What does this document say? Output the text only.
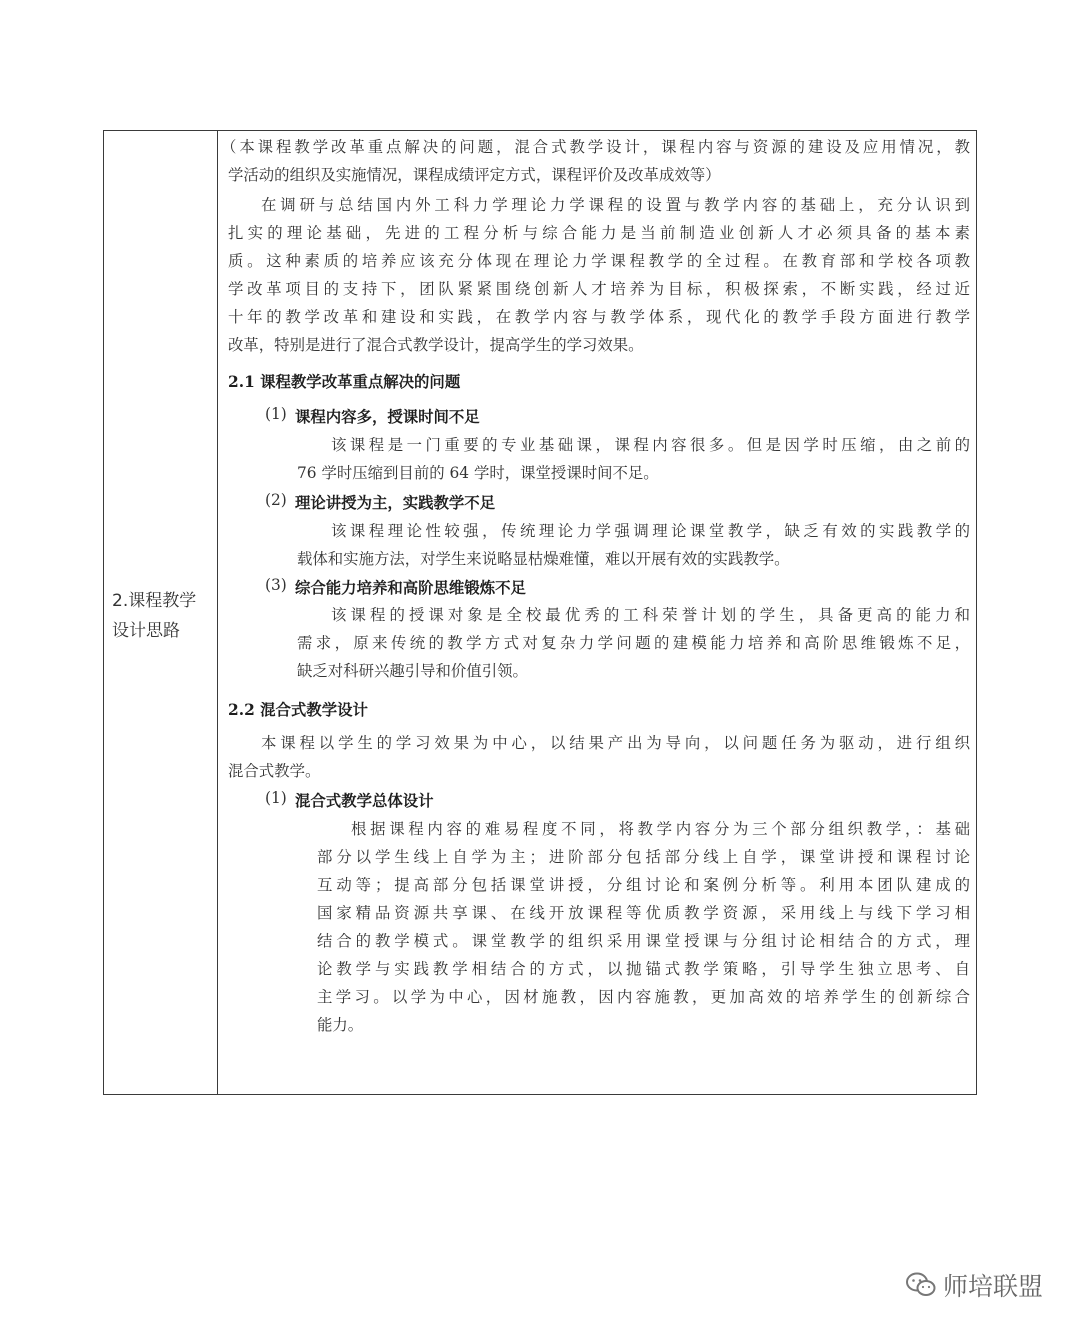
2.课程教学
设计思路
（本课程教学改革重点解决的问题，混合式教学设计，课程内容与资源的建设及应用情况，教
学活动的组织及实施情况，课程成绩评定方式，课程评价及改革成效等）
在调研与总结国内外工科力学理论力学课程的设置与教学内容的基础上，充分认识到
扎实的理论基础，先进的工程分析与综合能力是当前制造业创新人才必须具备的基本素
质。这种素质的培养应该充分体现在理论力学课程教学的全过程。在教育部和学校各项教
学改革项目的支持下，团队紧紧围绕创新人才培养为目标，积极探索，不断实践，经过近
十年的教学改革和建设和实践，在教学内容与教学体系，现代化的教学手段方面进行教学
改革，特别是进行了混合式教学设计，提高学生的学习效果。
2.1 课程教学改革重点解决的问题
(1) 课程内容多，授课时间不足
该课程是一门重要的专业基础课，课程内容很多。但是因学时压缩，由之前的
76 学时压缩到目前的 64 学时，课堂授课时间不足。
(2) 理论讲授为主，实践教学不足
该课程理论性较强，传统理论力学强调理论课堂教学，缺乏有效的实践教学的
载体和实施方法，对学生来说略显枯燥难懂，难以开展有效的实践教学。
(3) 综合能力培养和高阶思维锻炼不足
该课程的授课对象是全校最优秀的工科荣誉计划的学生，具备更高的能力和
需求，原来传统的教学方式对复杂力学问题的建模能力培养和高阶思维锻炼不足，
缺乏对科研兴趣引导和价值引领。
2.2 混合式教学设计
本课程以学生的学习效果为中心，以结果产出为导向，以问题任务为驱动，进行组织
混合式教学。
(1) 混合式教学总体设计
根据课程内容的难易程度不同，将教学内容分为三个部分组织教学，：基础
部分以学生线上自学为主；进阶部分包括部分线上自学，课堂讲授和课程讨论
互动等；提高部分包括课堂讲授，分组讨论和案例分析等。利用本团队建成的
国家精品资源共享课、在线开放课程等优质教学资源，采用线上与线下学习相
结合的教学模式。课堂教学的组织采用课堂授课与分组讨论相结合的方式，理
论教学与实践教学相结合的方式，以抛锚式教学策略，引导学生独立思考、自
主学习。以学为中心，因材施教，因内容施教，更加高效的培养学生的创新综合
能力。
师培联盟
